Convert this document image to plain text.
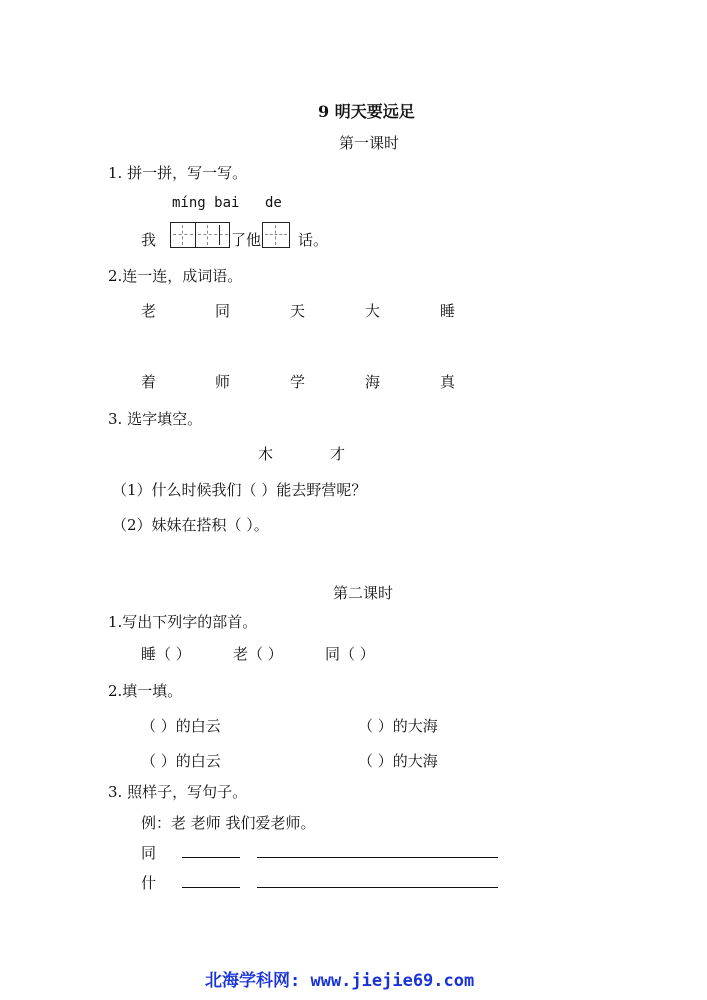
9 明天要远足
第一课时
1. 拼一拼，写一写。
míng bai de
我	了他 话。
2.连一连，成词语。
老	同	天	大	睡
着	师	学	海	真
3. 选字填空。
木	才
（1）什么时候我们（ ）能去野营呢？
（2）妹妹在搭积（ ）。
第二课时
1.写出下列字的部首。
睡（ ）	老（ ）	同（ ）
2.填一填。
（ ）的白云	（ ）的大海
（ ）的白云	（ ）的大海
3. 照样子，写句子。
例：老 老师 我们爱老师。
同
什
北海学科网: www.jiejie69.com
